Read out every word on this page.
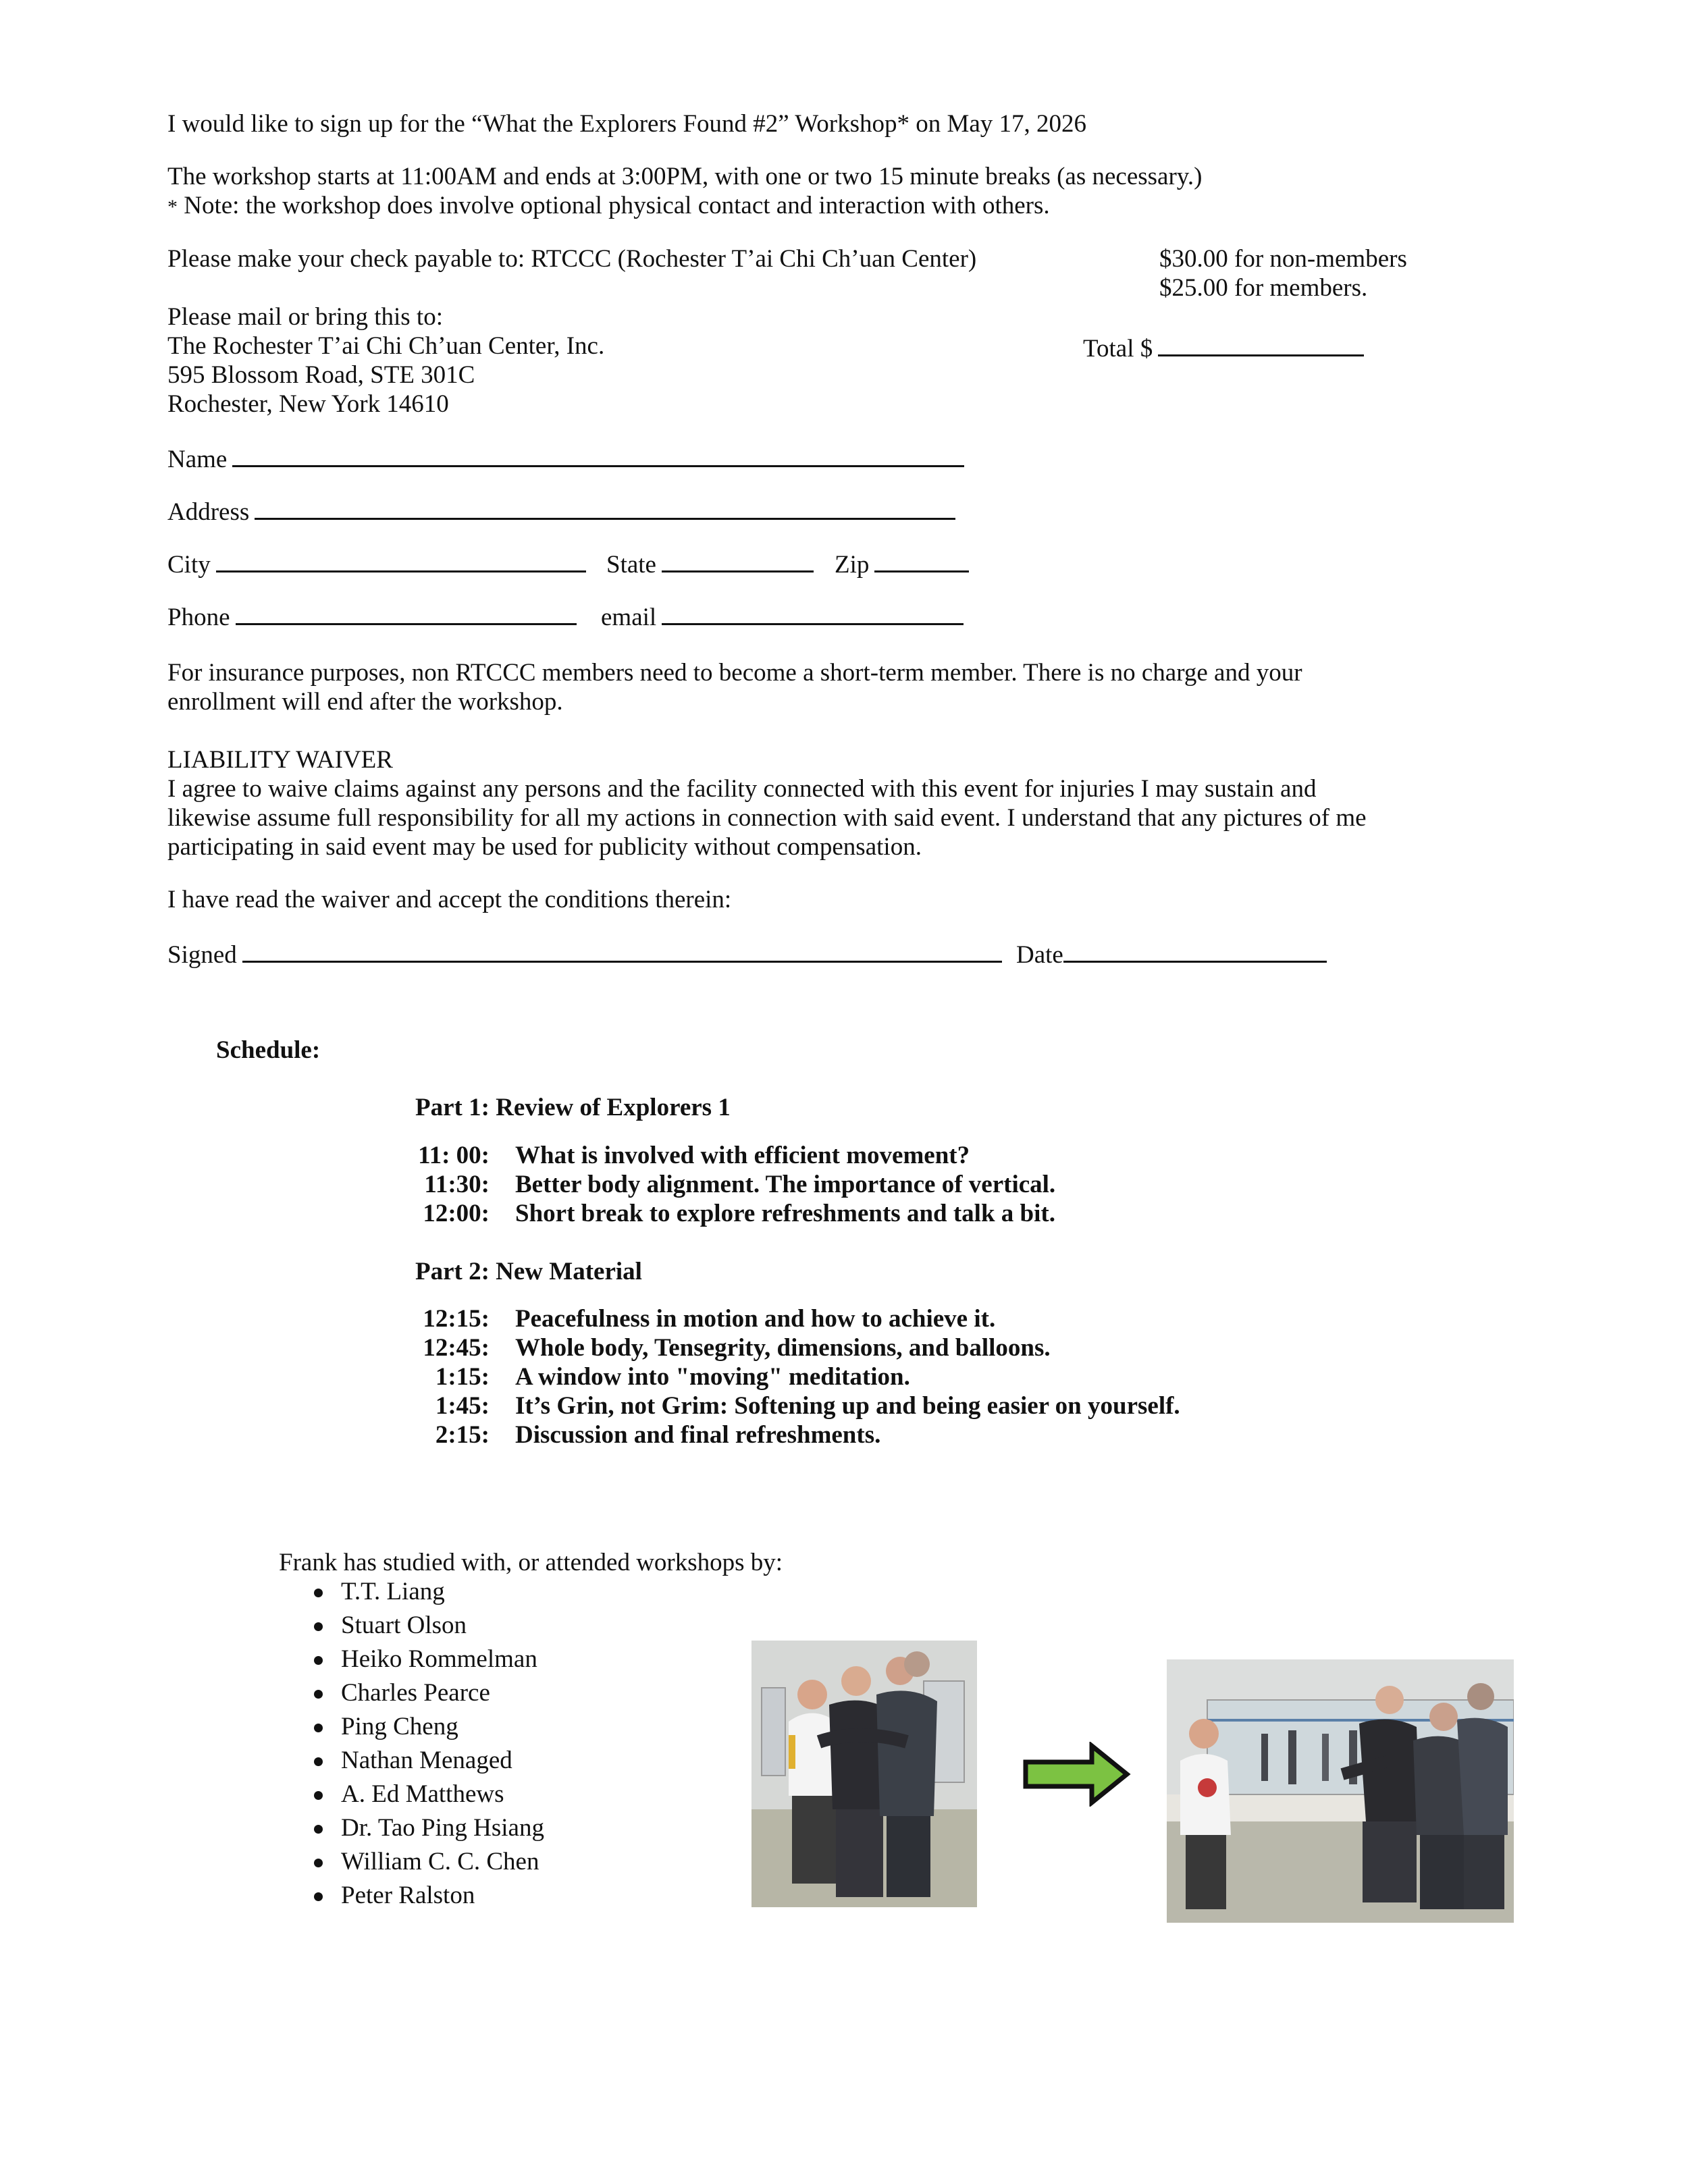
I would like to sign up for the “What the Explorers Found #2” Workshop* on May 17, 2026
The workshop starts at 11:00AM and ends at 3:00PM, with one or two 15 minute breaks (as necessary.)
* Note: the workshop does involve optional physical contact and interaction with others.
Please make your check payable to: RTCCC (Rochester T’ai Chi Ch’uan Center)	$30.00 for non-members
$25.00 for members.
Please mail or bring this to:
The Rochester T’ai Chi Ch’uan Center, Inc.
595 Blossom Road, STE 301C
Rochester, New York 14610
Total $
Name
Address
City	State	Zip
Phone	email
For insurance purposes, non RTCCC members need to become a short-term member. There is no charge and your
enrollment will end after the workshop.
LIABILITY WAIVER
I agree to waive claims against any persons and the facility connected with this event for injuries I may sustain and
likewise assume full responsibility for all my actions in connection with said event. I understand that any pictures of me
participating in said event may be used for publicity without compensation.
I have read the waiver and accept the conditions therein:
Signed	Date
Schedule:
Part 1: Review of Explorers 1
11: 00: What is involved with efficient movement?
11:30: Better body alignment. The importance of vertical.
12:00: Short break to explore refreshments and talk a bit.
Part 2: New Material
12:15: Peacefulness in motion and how to achieve it.
12:45: Whole body, Tensegrity, dimensions, and balloons.
1:15: A window into "moving" meditation.
1:45: It’s Grin, not Grim: Softening up and being easier on yourself.
2:15: Discussion and final refreshments.
Frank has studied with, or attended workshops by:
T.T. Liang
Stuart Olson
Heiko Rommelman
Charles Pearce
Ping Cheng
Nathan Menaged
A. Ed Matthews
Dr. Tao Ping Hsiang
William C. C. Chen
Peter Ralston
